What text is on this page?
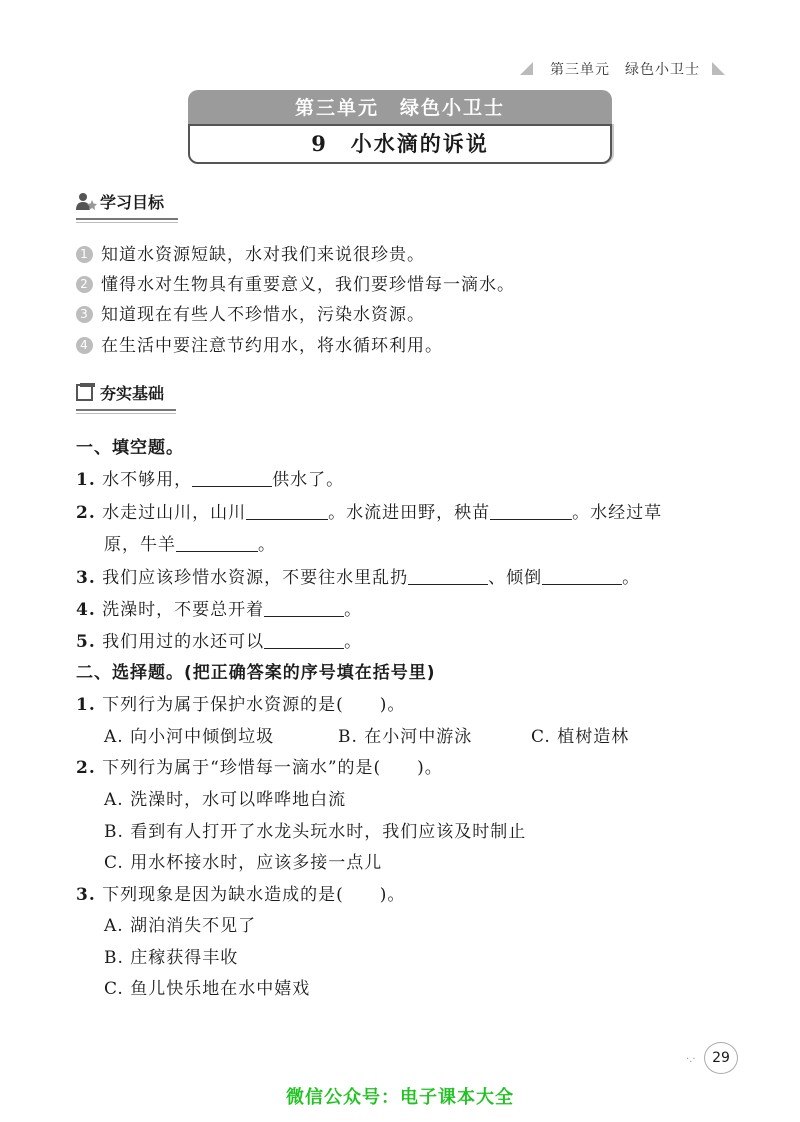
第三单元　绿色小卫士
第三单元　绿色小卫士
9　小水滴的诉说
学习目标
1 知道水资源短缺，水对我们来说很珍贵。
2 懂得水对生物具有重要意义，我们要珍惜每一滴水。
3 知道现在有些人不珍惜水，污染水资源。
4 在生活中要注意节约用水，将水循环利用。
夯实基础
一、填空题。
1. 水不够用，	供水了。
2. 水走过山川，山川	。水流进田野，秧苗	。水经过草
原，牛羊	。
3. 我们应该珍惜水资源，不要往水里乱扔	、倾倒	。
4. 洗澡时，不要总开着	。
5. 我们用过的水还可以	。
二、选择题。(把正确答案的序号填在括号里)
1. 下列行为属于保护水资源的是(　　)。
A. 向小河中倾倒垃圾	B. 在小河中游泳	C. 植树造林
2. 下列行为属于“珍惜每一滴水”的是(　　)。
A. 洗澡时，水可以哗哗地白流
B. 看到有人打开了水龙头玩水时，我们应该及时制止
C. 用水杯接水时，应该多接一点儿
3. 下列现象是因为缺水造成的是(　　)。
A. 湖泊消失不见了
B. 庄稼获得丰收
C. 鱼儿快乐地在水中嬉戏
·.·	29
微信公众号：电子课本大全
